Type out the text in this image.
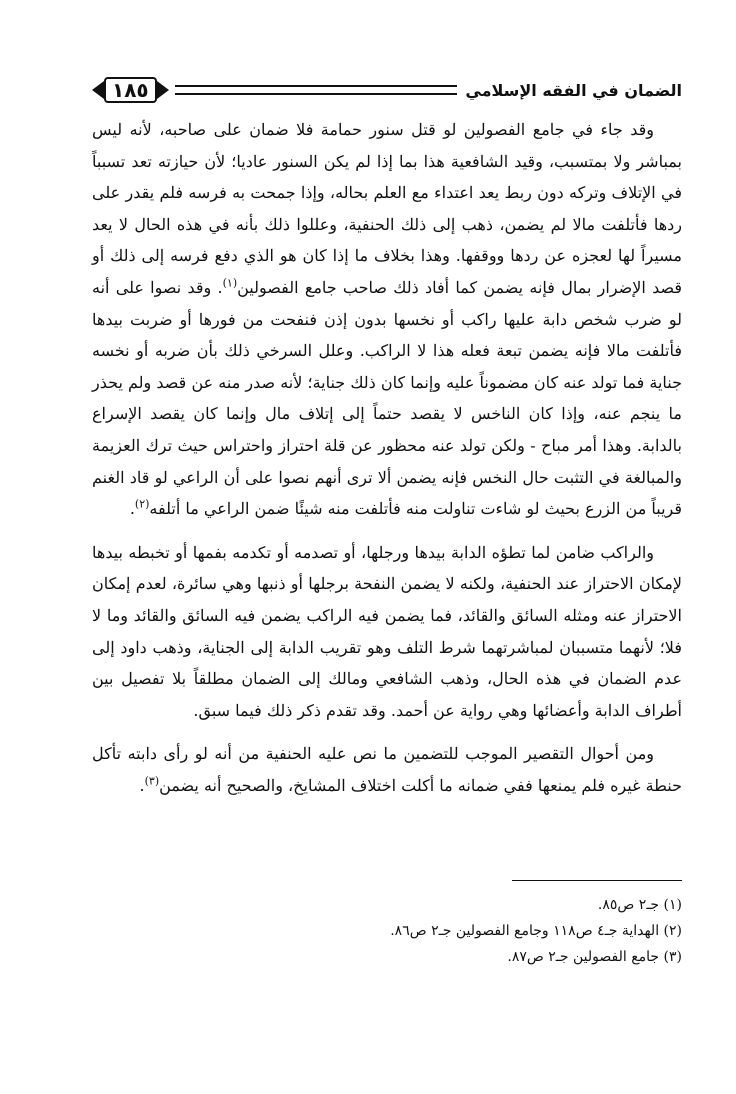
الضمان في الفقه الإسلامي
١٨٥

وقد جاء في جامع الفصولين لو قتل سنور حمامة فلا ضمان على صاحبه، لأنه ليس بمباشر ولا بمتسبب، وقيد الشافعية هذا بما إذا لم يكن السنور عاديا؛ لأن حيازته تعد تسبباً في الإتلاف وتركه دون ربط يعد اعتداء مع العلم بحاله، وإذا جمحت به فرسه فلم يقدر على ردها فأتلفت مالا لم يضمن، ذهب إلى ذلك الحنفية، وعللوا ذلك بأنه في هذه الحال لا يعد مسيراً لها لعجزه عن ردها ووقفها. وهذا بخلاف ما إذا كان هو الذي دفع فرسه إلى ذلك أو قصد الإضرار بمال فإنه يضمن كما أفاد ذلك صاحب جامع الفصولين$^{(١)}$. وقد نصوا على أنه لو ضرب شخص دابة عليها راكب أو نخسها بدون إذن فنفحت من فورها أو ضربت بيدها فأتلفت مالا فإنه يضمن تبعة فعله هذا لا الراكب. وعلل السرخي ذلك بأن ضربه أو نخسه جناية فما تولد عنه كان مضموناً عليه وإنما كان ذلك جناية؛ لأنه صدر منه عن قصد ولم يحذر ما ينجم عنه، وإذا كان الناخس لا يقصد حتماً إلى إتلاف مال وإنما كان يقصد الإسراع بالدابة. وهذا أمر مباح - ولكن تولد عنه محظور عن قلة احتراز واحتراس حيث ترك العزيمة والمبالغة في التثبت حال النخس فإنه يضمن ألا ترى أنهم نصوا على أن الراعي لو قاد الغنم قريباً من الزرع بحيث لو شاءت تناولت منه فأتلفت منه شيئًا ضمن الراعي ما أتلفه$^{(٢)}$.

والراكب ضامن لما تطؤه الدابة بيدها ورجلها، أو تصدمه أو تكدمه بفمها أو تخبطه بيدها لإمكان الاحتراز عند الحنفية، ولكنه لا يضمن النفحة برجلها أو ذنبها وهي سائرة، لعدم إمكان الاحتراز عنه ومثله السائق والقائد، فما يضمن فيه الراكب يضمن فيه السائق والقائد وما لا فلا؛ لأنهما متسببان لمباشرتهما شرط التلف وهو تقريب الدابة إلى الجناية، وذهب داود إلى عدم الضمان في هذه الحال، وذهب الشافعي ومالك إلى الضمان مطلقاً بلا تفصيل بين أطراف الدابة وأعضائها وهي رواية عن أحمد. وقد تقدم ذكر ذلك فيما سبق.

ومن أحوال التقصير الموجب للتضمين ما نص عليه الحنفية من أنه لو رأى دابته تأكل حنطة غيره فلم يمنعها ففي ضمانه ما أكلت اختلاف المشايخ، والصحيح أنه يضمن$^{(٣)}$.

(١) جـ٢ ص٨٥.

(٢) الهداية جـ٤ ص١١٨ وجامع الفصولين جـ٢ ص٨٦.

(٣) جامع الفصولين جـ٢ ص٨٧.
